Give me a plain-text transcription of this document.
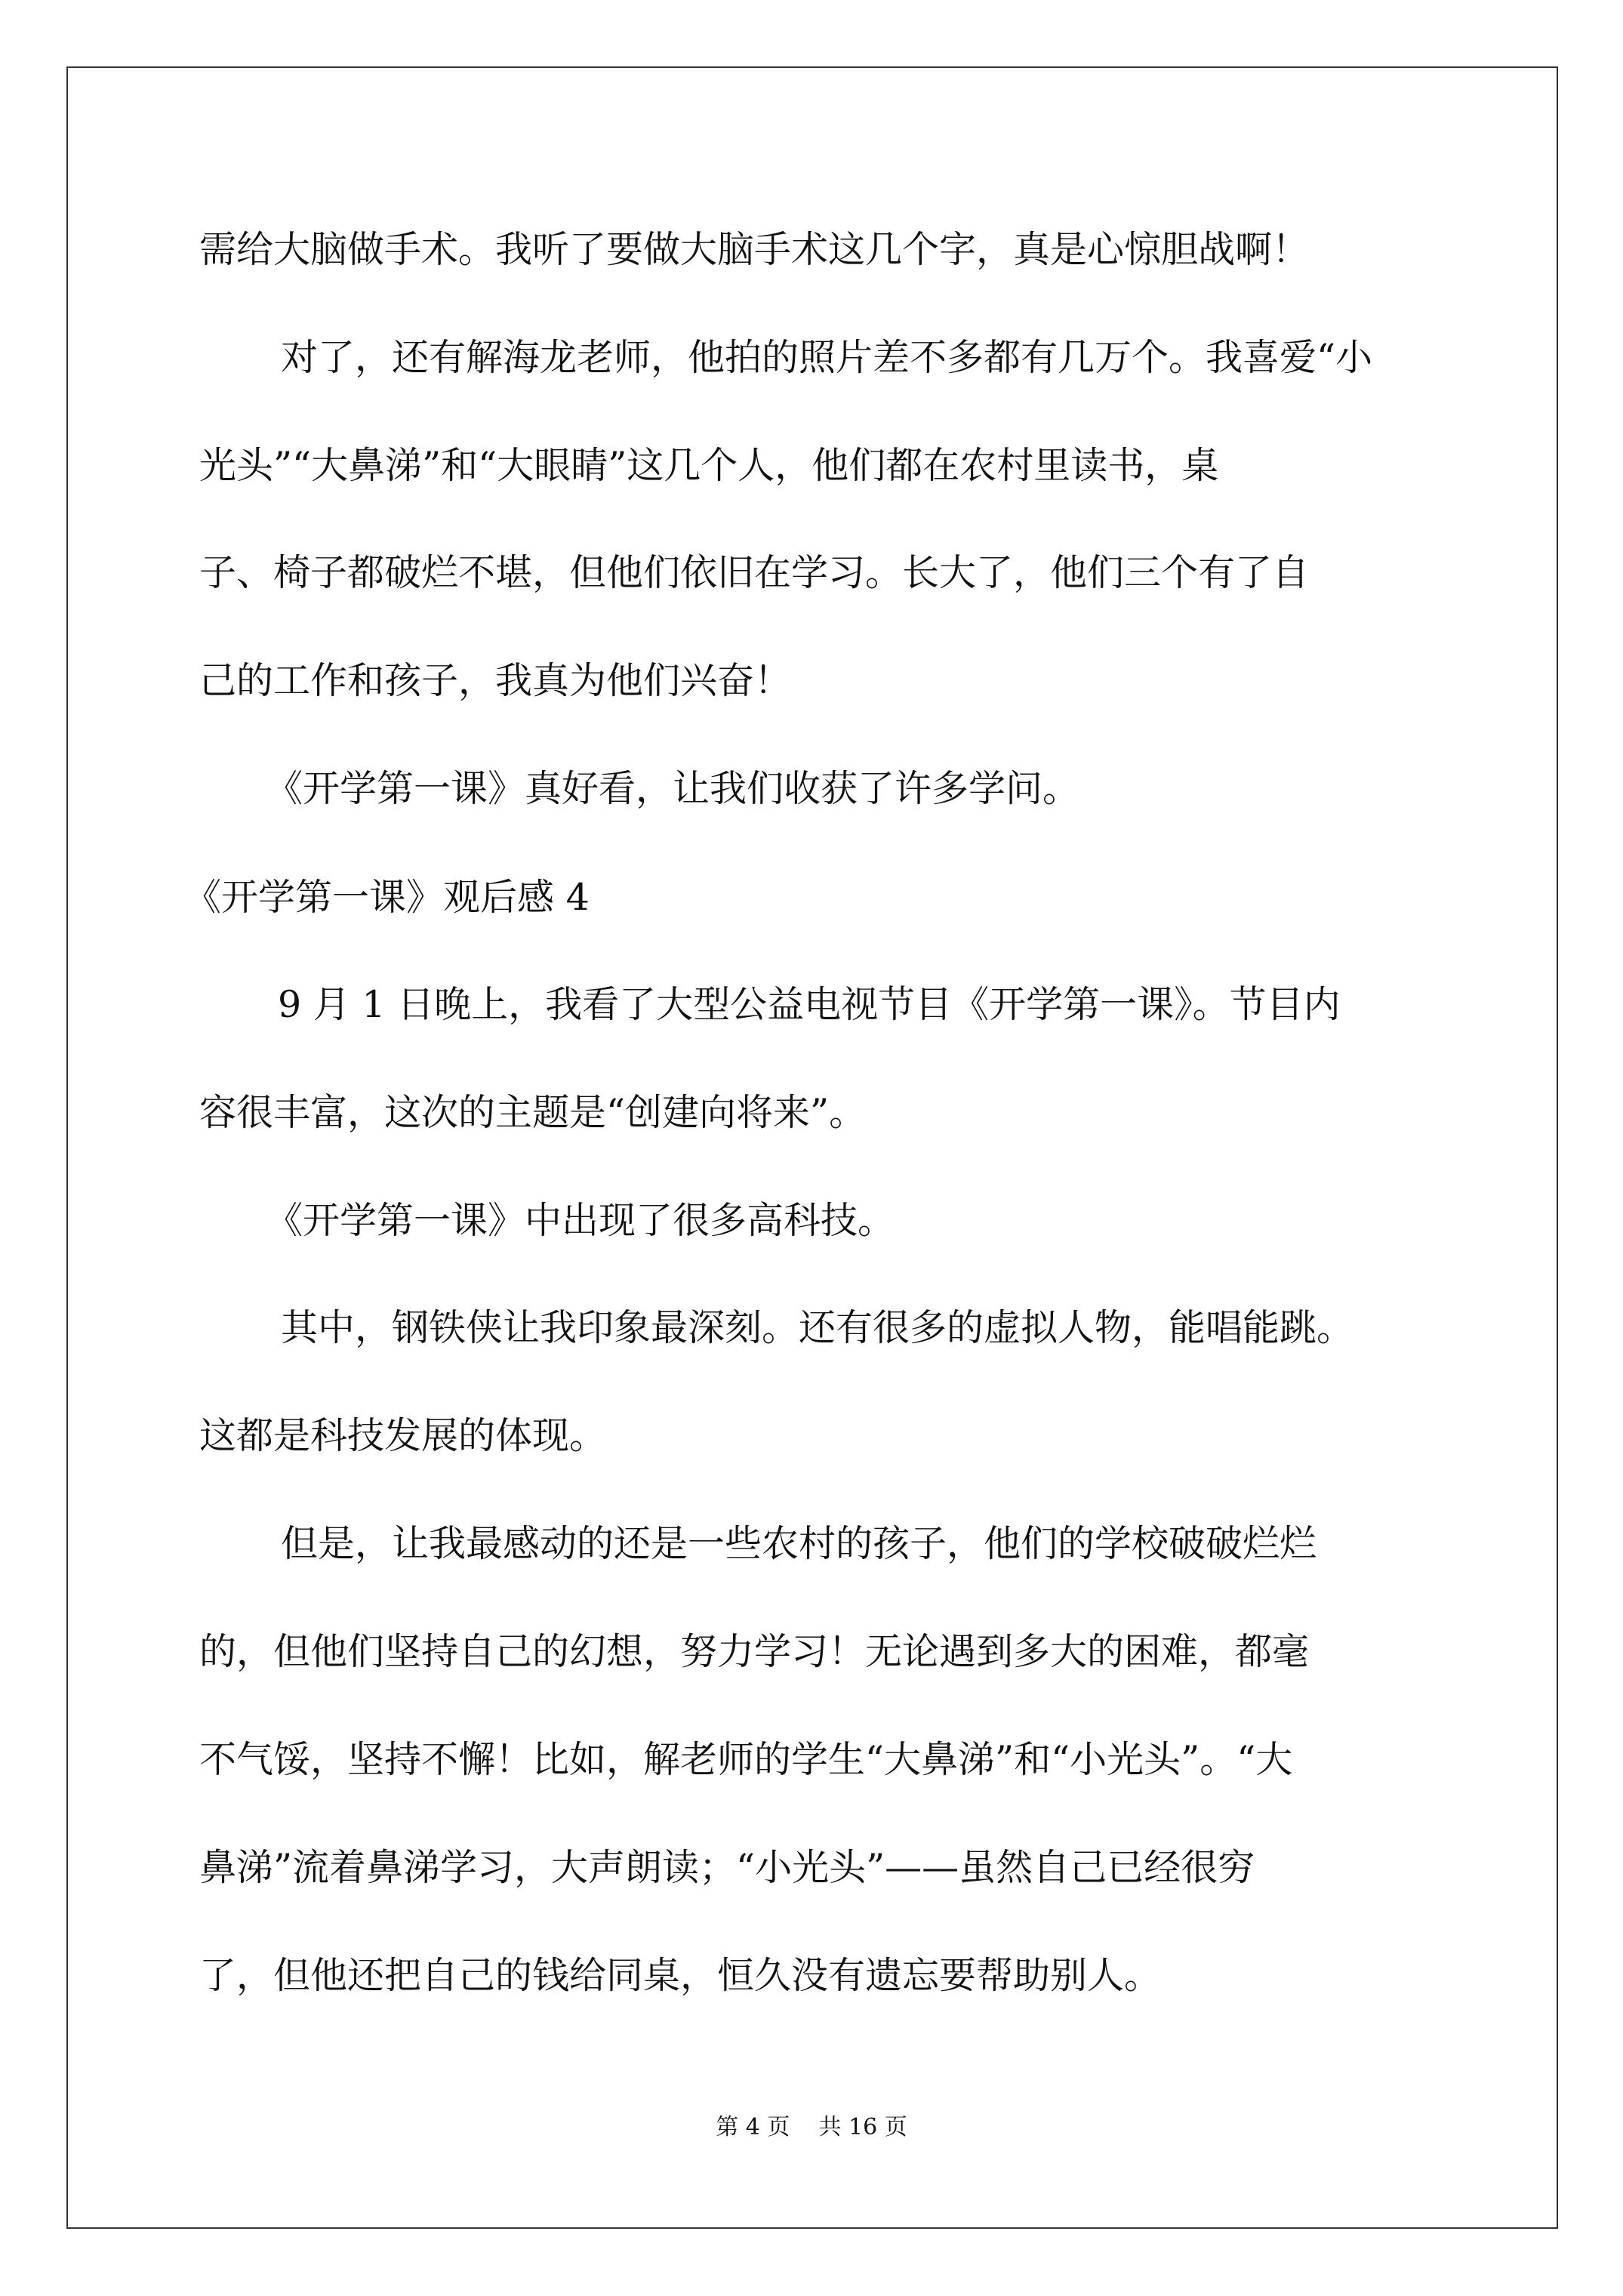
需给大脑做手术。我听了要做大脑手术这几个字，真是心惊胆战啊！
对了，还有解海龙老师，他拍的照片差不多都有几万个。我喜爱“小
光头”“大鼻涕”和“大眼睛”这几个人，他们都在农村里读书，桌
子、椅子都破烂不堪，但他们依旧在学习。长大了，他们三个有了自
己的工作和孩子，我真为他们兴奋！
《开学第一课》真好看，让我们收获了许多学问。
《开学第一课》观后感 4
9 月 1 日晚上，我看了大型公益电视节目《开学第一课》。节目内
容很丰富，这次的主题是“创建向将来”。
《开学第一课》中出现了很多高科技。
其中，钢铁侠让我印象最深刻。还有很多的虚拟人物，能唱能跳。
这都是科技发展的体现。
但是，让我最感动的还是一些农村的孩子，他们的学校破破烂烂
的，但他们坚持自己的幻想，努力学习！无论遇到多大的困难，都毫
不气馁，坚持不懈！比如，解老师的学生“大鼻涕”和“小光头”。“大
鼻涕”流着鼻涕学习，大声朗读；“小光头”——虽然自己已经很穷
了，但他还把自己的钱给同桌，恒久没有遗忘要帮助别人。
第 4 页    共 16 页
